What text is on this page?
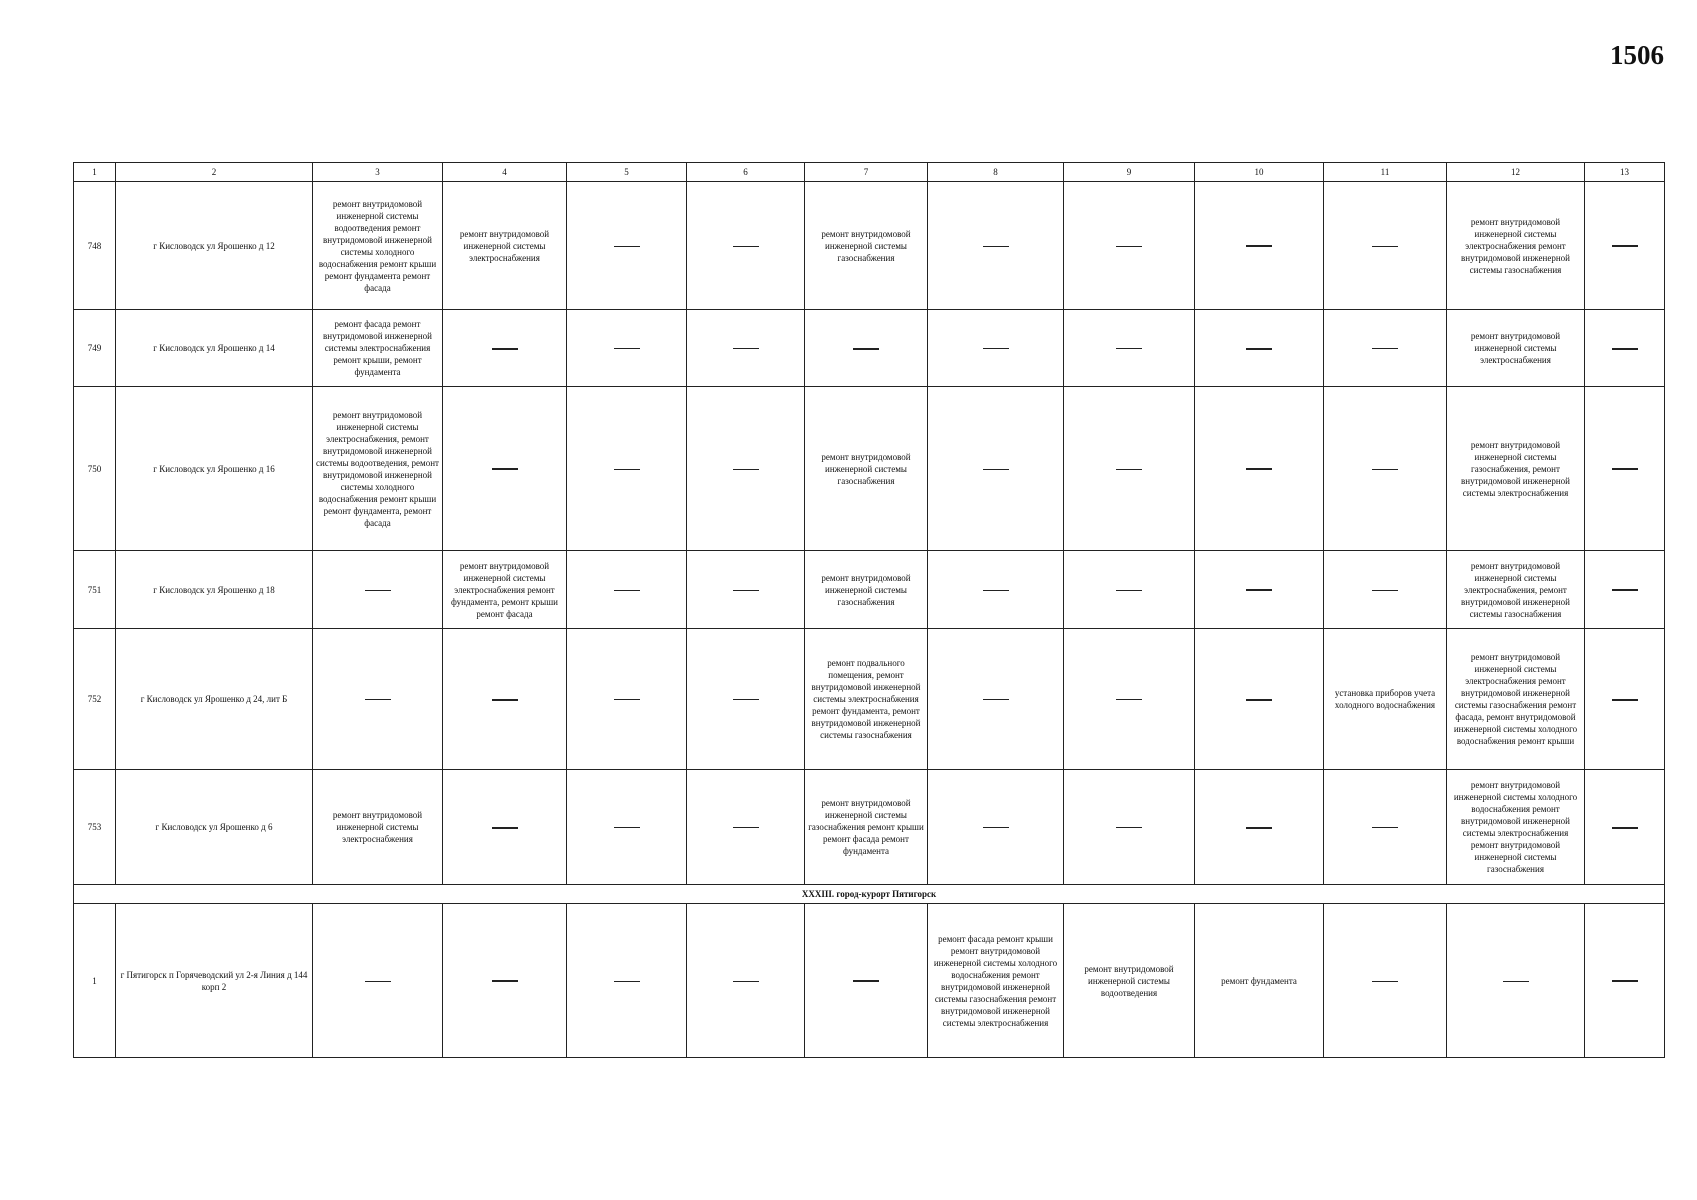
1506
1	2	3	4	5	6	7	8	9	10	11	12	13
748	г Кисловодск ул Ярошенко д 12	ремонт внутридомовой инженерной системы водоотведения ремонт внутридомовой инженерной системы холодного водоснабжения ремонт крыши ремонт фундамента ремонт фасада	ремонт внутридомовой инженерной системы электроснабжения			ремонт внутридомовой инженерной системы газоснабжения					ремонт внутридомовой инженерной системы электроснабжения ремонт внутридомовой инженерной системы газоснабжения	
749	г Кисловодск ул Ярошенко д 14	ремонт фасада ремонт внутридомовой инженерной системы электроснабжения ремонт крыши, ремонт фундамента									ремонт внутридомовой инженерной системы электроснабжения	
750	г Кисловодск ул Ярошенко д 16	ремонт внутридомовой инженерной системы электроснабжения, ремонт внутридомовой инженерной системы водоотведения, ремонт внутридомовой инженерной системы холодного водоснабжения ремонт крыши ремонт фундамента, ремонт фасада				ремонт внутридомовой инженерной системы газоснабжения					ремонт внутридомовой инженерной системы газоснабжения, ремонт внутридомовой инженерной системы электроснабжения	
751	г Кисловодск ул Ярошенко д 18		ремонт внутридомовой инженерной системы электроснабжения ремонт фундамента, ремонт крыши ремонт фасада			ремонт внутридомовой инженерной системы газоснабжения					ремонт внутридомовой инженерной системы электроснабжения, ремонт внутридомовой инженерной системы газоснабжения	
752	г Кисловодск ул Ярошенко д 24, лит Б					ремонт подвального помещения, ремонт внутридомовой инженерной системы электроснабжения ремонт фундамента, ремонт внутридомовой инженерной системы газоснабжения				установка приборов учета холодного водоснабжения	ремонт внутридомовой инженерной системы электроснабжения ремонт внутридомовой инженерной системы газоснабжения ремонт фасада, ремонт внутридомовой инженерной системы холодного водоснабжения ремонт крыши	
753	г Кисловодск ул Ярошенко д 6	ремонт внутридомовой инженерной системы электроснабжения				ремонт внутридомовой инженерной системы газоснабжения ремонт крыши ремонт фасада ремонт фундамента					ремонт внутридомовой инженерной системы холодного водоснабжения ремонт внутридомовой инженерной системы электроснабжения ремонт внутридомовой инженерной системы газоснабжения	
XXXIII. город-курорт Пятигорск												
1	г Пятигорск п Горячеводский ул 2-я Линия д 144 корп 2						ремонт фасада ремонт крыши ремонт внутридомовой инженерной системы холодного водоснабжения ремонт внутридомовой инженерной системы газоснабжения ремонт внутридомовой инженерной системы электроснабжения	ремонт внутридомовой инженерной системы водоотведения	ремонт фундамента			
